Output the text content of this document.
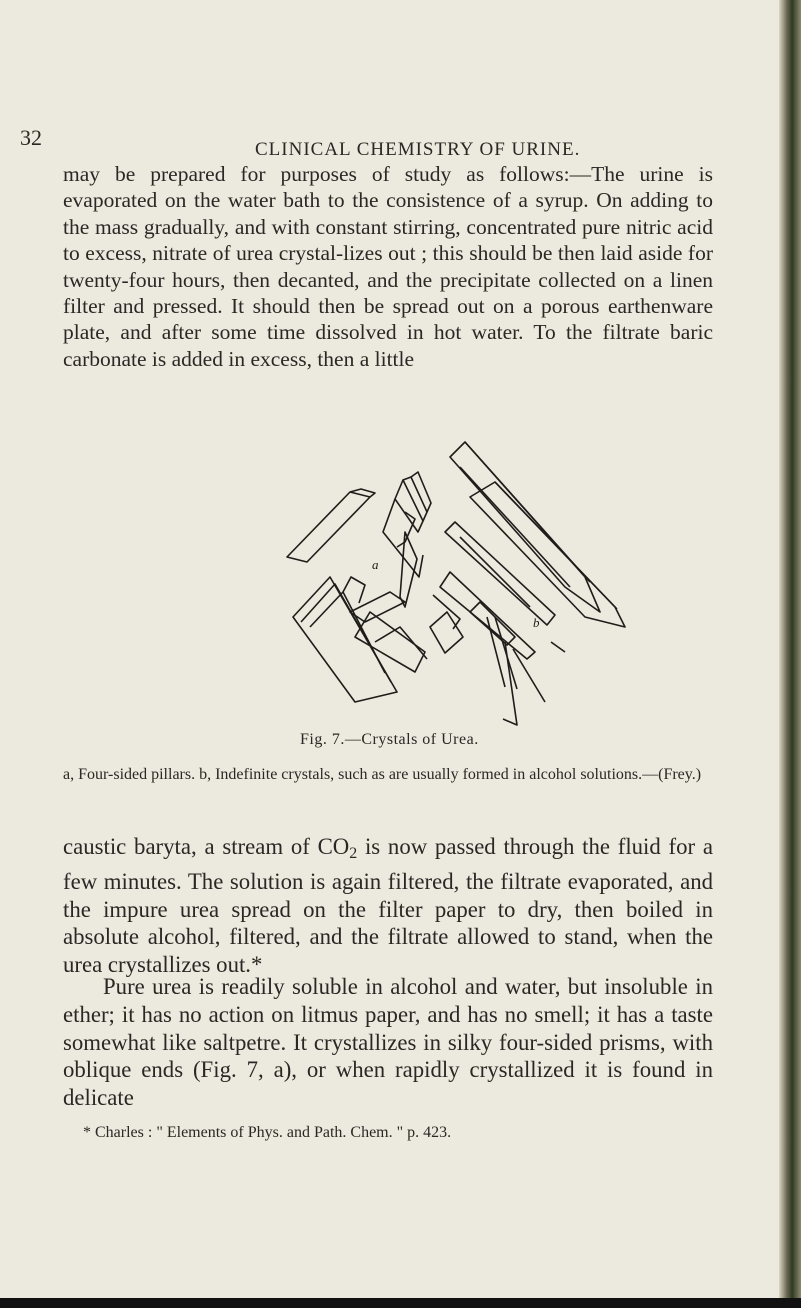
32	CLINICAL CHEMISTRY OF URINE.

may be prepared for purposes of study as follows:—The urine is evaporated on the water bath to the consistence of a syrup. On adding to the mass gradually, and with constant stirring, concentrated pure nitric acid to excess, nitrate of urea crystal-lizes out ; this should be then laid aside for twenty-four hours, then decanted, and the precipitate collected on a linen filter and pressed. It should then be spread out on a porous earthenware plate, and after some time dissolved in hot water. To the filtrate baric carbonate is added in excess, then a little

a
b
Fig. 7.—Crystals of Urea.

a, Four-sided pillars. b, Indefinite crystals, such as are usually formed in alcohol solutions.—(Frey.)

caustic baryta, a stream of $CO_2$ is now passed through the fluid for a few minutes. The solution is again filtered, the filtrate evaporated, and the impure urea spread on the filter paper to dry, then boiled in absolute alcohol, filtered, and the filtrate allowed to stand, when the urea crystallizes out.*

Pure urea is readily soluble in alcohol and water, but insoluble in ether; it has no action on litmus paper, and has no smell; it has a taste somewhat like saltpetre. It crystallizes in silky four-sided prisms, with oblique ends (Fig. 7, a), or when rapidly crystallized it is found in delicate

* Charles : " Elements of Phys. and Path. Chem. " p. 423.
